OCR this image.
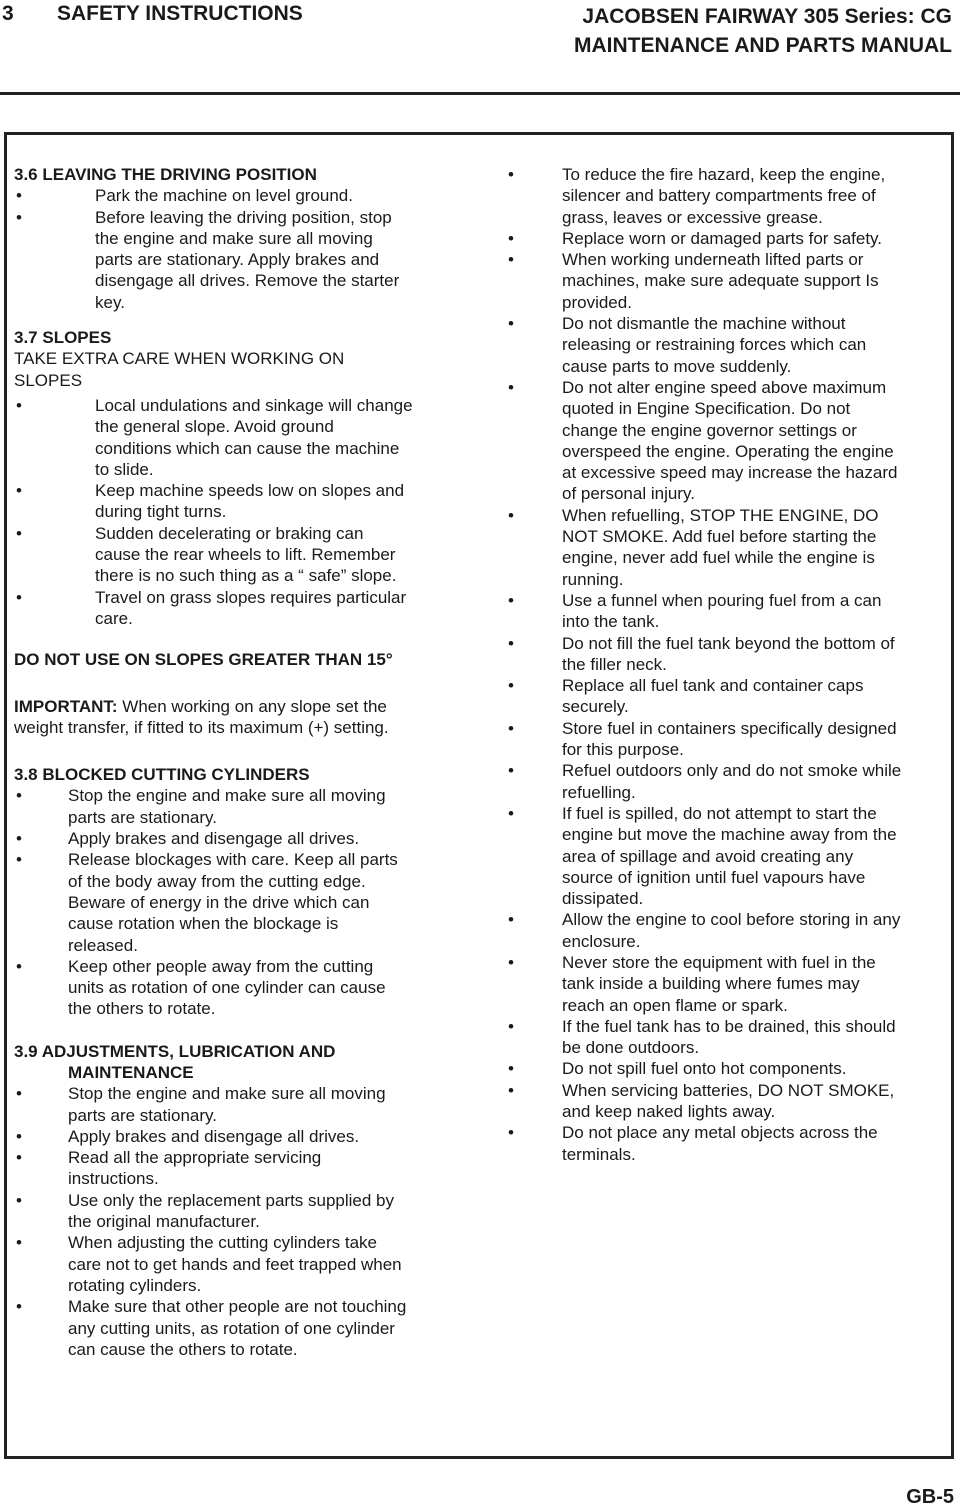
3 SAFETY INSTRUCTIONS	JACOBSEN FAIRWAY 305 Series: CG
MAINTENANCE AND PARTS MANUAL
3.6 LEAVING THE DRIVING POSITION
•	Park the machine on level ground.
•	Before leaving the driving position, stop
the engine and make sure all moving
parts are stationary. Apply brakes and
disengage all drives. Remove the starter
key.
3.7 SLOPES
TAKE EXTRA CARE WHEN WORKING ON
SLOPES
•	Local undulations and sinkage will change
the general slope. Avoid ground
conditions which can cause the machine
to slide.
•	Keep machine speeds low on slopes and
during tight turns.
•	Sudden decelerating or braking can
cause the rear wheels to lift. Remember
there is no such thing as a “ safe” slope.
•	Travel on grass slopes requires particular
care.
DO NOT USE ON SLOPES GREATER THAN 15°
IMPORTANT: When working on any slope set the
weight transfer, if fitted to its maximum (+) setting.
3.8 BLOCKED CUTTING CYLINDERS
•	Stop the engine and make sure all moving
parts are stationary.
•	Apply brakes and disengage all drives.
•	Release blockages with care. Keep all parts
of the body away from the cutting edge.
Beware of energy in the drive which can
cause rotation when the blockage is
released.
•	Keep other people away from the cutting
units as rotation of one cylinder can cause
the others to rotate.
3.9 ADJUSTMENTS, LUBRICATION AND
MAINTENANCE
•	Stop the engine and make sure all moving
parts are stationary.
•	Apply brakes and disengage all drives.
•	Read all the appropriate servicing
instructions.
•	Use only the replacement parts supplied by
the original manufacturer.
•	When adjusting the cutting cylinders take
care not to get hands and feet trapped when
rotating cylinders.
•	Make sure that other people are not touching
any cutting units, as rotation of one cylinder
can cause the others to rotate.
•	To reduce the fire hazard, keep the engine,
silencer and battery compartments free of
grass, leaves or excessive grease.
•	Replace worn or damaged parts for safety.
•	When working underneath lifted parts or
machines, make sure adequate support Is
provided.
•	Do not dismantle the machine without
releasing or restraining forces which can
cause parts to move suddenly.
•	Do not alter engine speed above maximum
quoted in Engine Specification. Do not
change the engine governor settings or
overspeed the engine. Operating the engine
at excessive speed may increase the hazard
of personal injury.
•	When refuelling, STOP THE ENGINE, DO
NOT SMOKE. Add fuel before starting the
engine, never add fuel while the engine is
running.
•	Use a funnel when pouring fuel from a can
into the tank.
•	Do not fill the fuel tank beyond the bottom of
the filler neck.
•	Replace all fuel tank and container caps
securely.
•	Store fuel in containers specifically designed
for this purpose.
•	Refuel outdoors only and do not smoke while
refuelling.
•	If fuel is spilled, do not attempt to start the
engine but move the machine away from the
area of spillage and avoid creating any
source of ignition until fuel vapours have
dissipated.
•	Allow the engine to cool before storing in any
enclosure.
•	Never store the equipment with fuel in the
tank inside a building where fumes may
reach an open flame or spark.
•	If the fuel tank has to be drained, this should
be done outdoors.
•	Do not spill fuel onto hot components.
•	When servicing batteries, DO NOT SMOKE,
and keep naked lights away.
•	Do not place any metal objects across the
terminals.
GB-5
